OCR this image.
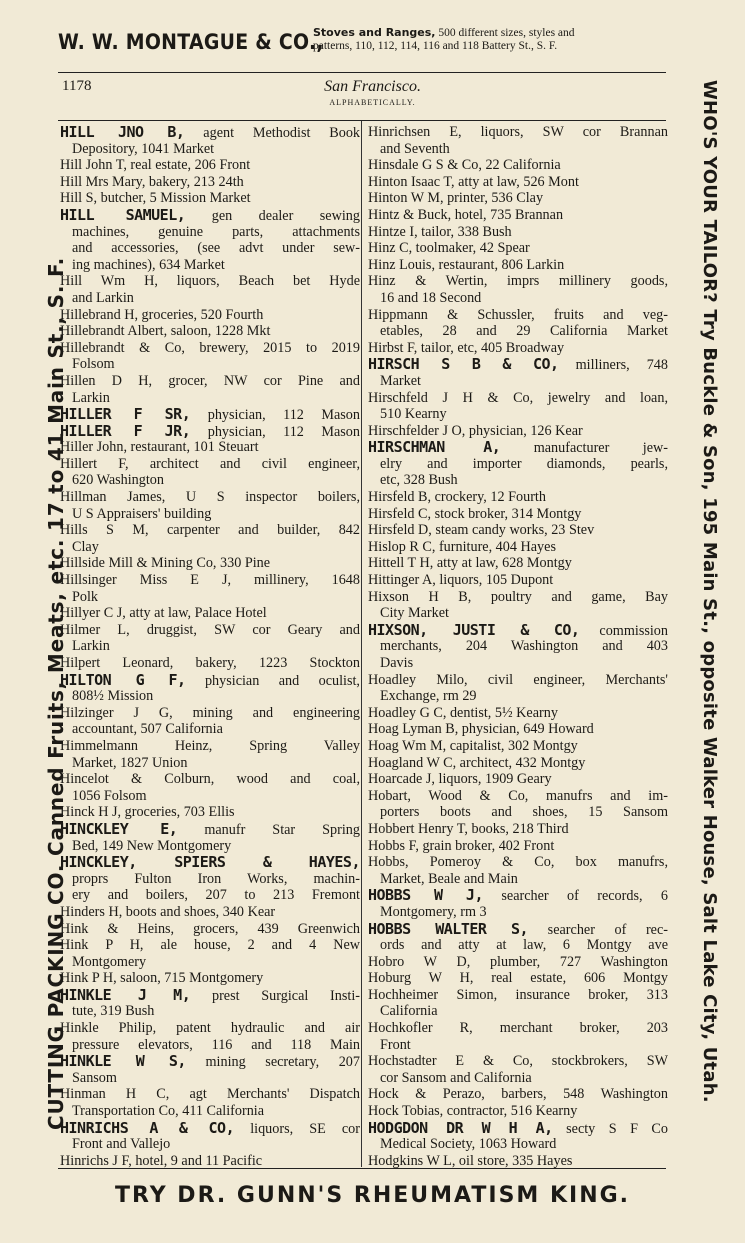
W. W. MONTAGUE & CO.,
Stoves and Ranges, 500 different sizes, styles and
patterns, 110, 112, 114, 116 and 118 Battery St., S. F.
1178	San Francisco.
ALPHABETICALLY.
HILL JNO B, agent Methodist Book
Depository, 1041 Market
Hill John T, real estate, 206 Front
Hill Mrs Mary, bakery, 213 24th
Hill S, butcher, 5 Mission Market
HILL SAMUEL, gen dealer sewing
machines, genuine parts, attachments
and accessories, (see advt under sew-
ing machines), 634 Market
Hill Wm H, liquors, Beach bet Hyde
and Larkin
Hillebrand H, groceries, 520 Fourth
Hillebrandt Albert, saloon, 1228 Mkt
Hillebrandt & Co, brewery, 2015 to 2019
Folsom
Hillen D H, grocer, NW cor Pine and
Larkin
HILLER F SR, physician, 112 Mason
HILLER F JR, physician, 112 Mason
Hiller John, restaurant, 101 Steuart
Hillert F, architect and civil engineer,
620 Washington
Hillman James, U S inspector boilers,
U S Appraisers' building
Hills S M, carpenter and builder, 842
Clay
Hillside Mill & Mining Co, 330 Pine
Hillsinger Miss E J, millinery, 1648
Polk
Hillyer C J, atty at law, Palace Hotel
Hilmer L, druggist, SW cor Geary and
Larkin
Hilpert Leonard, bakery, 1223 Stockton
HILTON G F, physician and oculist,
808½ Mission
Hilzinger J G, mining and engineering
accountant, 507 California
Himmelmann Heinz, Spring Valley
Market, 1827 Union
Hincelot & Colburn, wood and coal,
1056 Folsom
Hinck H J, groceries, 703 Ellis
HINCKLEY E, manufr Star Spring
Bed, 149 New Montgomery
HINCKLEY, SPIERS & HAYES,
proprs Fulton Iron Works, machin-
ery and boilers, 207 to 213 Fremont
Hinders H, boots and shoes, 340 Kear
Hink & Heins, grocers, 439 Greenwich
Hink P H, ale house, 2 and 4 New
Montgomery
Hink P H, saloon, 715 Montgomery
HINKLE J M, prest Surgical Insti-
tute, 319 Bush
Hinkle Philip, patent hydraulic and air
pressure elevators, 116 and 118 Main
HINKLE W S, mining secretary, 207
Sansom
Hinman H C, agt Merchants' Dispatch
Transportation Co, 411 California
HINRICHS A & CO, liquors, SE cor
Front and Vallejo
Hinrichs J F, hotel, 9 and 11 Pacific
Hinrichsen E, liquors, SW cor Brannan
and Seventh
Hinsdale G S & Co, 22 California
Hinton Isaac T, atty at law, 526 Mont
Hinton W M, printer, 536 Clay
Hintz & Buck, hotel, 735 Brannan
Hintze I, tailor, 338 Bush
Hinz C, toolmaker, 42 Spear
Hinz Louis, restaurant, 806 Larkin
Hinz & Wertin, imprs millinery goods,
16 and 18 Second
Hippmann & Schussler, fruits and veg-
etables, 28 and 29 California Market
Hirbst F, tailor, etc, 405 Broadway
HIRSCH S B & CO, milliners, 748
Market
Hirschfeld J H & Co, jewelry and loan,
510 Kearny
Hirschfelder J O, physician, 126 Kear
HIRSCHMAN A, manufacturer jew-
elry and importer diamonds, pearls,
etc, 328 Bush
Hirsfeld B, crockery, 12 Fourth
Hirsfeld C, stock broker, 314 Montgy
Hirsfeld D, steam candy works, 23 Stev
Hislop R C, furniture, 404 Hayes
Hittell T H, atty at law, 628 Montgy
Hittinger A, liquors, 105 Dupont
Hixson H B, poultry and game, Bay
City Market
HIXSON, JUSTI & CO, commission
merchants, 204 Washington and 403
Davis
Hoadley Milo, civil engineer, Merchants'
Exchange, rm 29
Hoadley G C, dentist, 5½ Kearny
Hoag Lyman B, physician, 649 Howard
Hoag Wm M, capitalist, 302 Montgy
Hoagland W C, architect, 432 Montgy
Hoarcade J, liquors, 1909 Geary
Hobart, Wood & Co, manufrs and im-
porters boots and shoes, 15 Sansom
Hobbert Henry T, books, 218 Third
Hobbs F, grain broker, 402 Front
Hobbs, Pomeroy & Co, box manufrs,
Market, Beale and Main
HOBBS W J, searcher of records, 6
Montgomery, rm 3
HOBBS WALTER S, searcher of rec-
ords and atty at law, 6 Montgy ave
Hobro W D, plumber, 727 Washington
Hoburg W H, real estate, 606 Montgy
Hochheimer Simon, insurance broker, 313
California
Hochkofler R, merchant broker, 203
Front
Hochstadter E & Co, stockbrokers, SW
cor Sansom and California
Hock & Perazo, barbers, 548 Washington
Hock Tobias, contractor, 516 Kearny
HODGDON DR W H A, secty S F Co
Medical Society, 1063 Howard
Hodgkins W L, oil store, 335 Hayes
CUTTING PACKING CO. Canned Fruits, Meats, etc. 17 to 41 Main St., S. F.	WHO'S YOUR TAILOR? Try Buckle & Son, 195 Main St., opposite Walker House, Salt Lake City, Utah.
TRY DR. GUNN'S RHEUMATISM KING.
